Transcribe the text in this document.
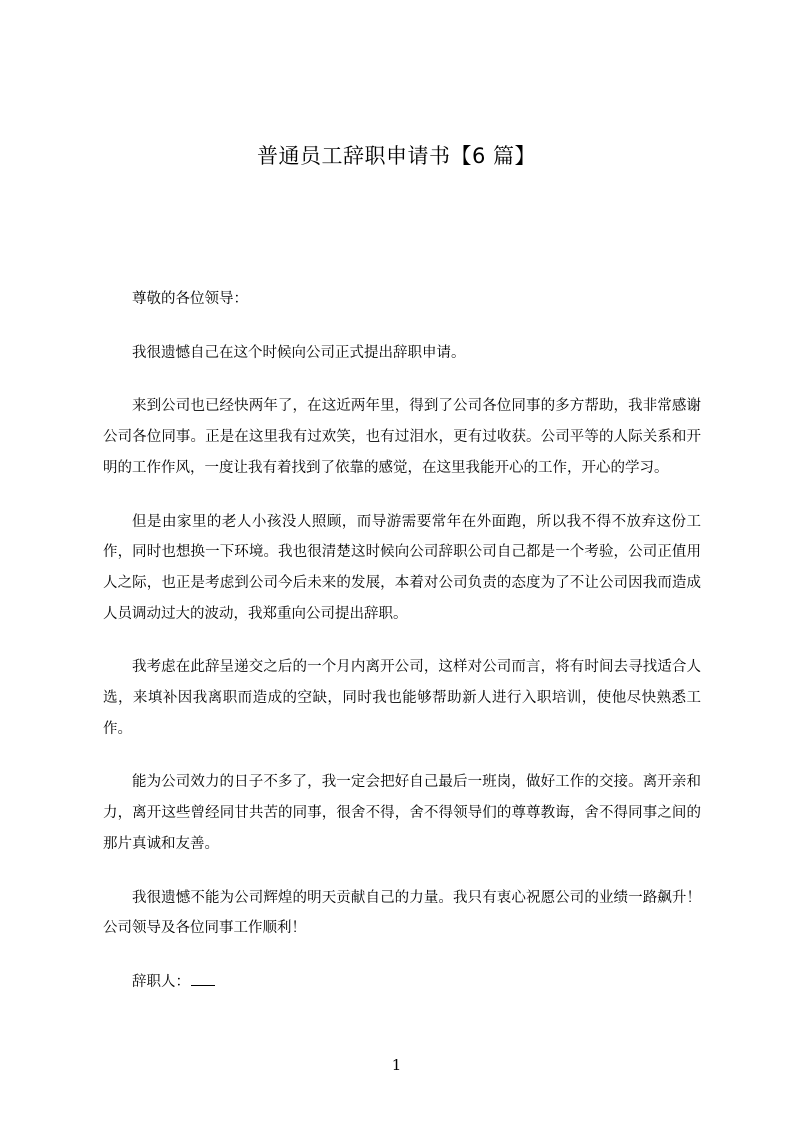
普通员工辞职申请书【6 篇】

尊敬的各位领导：

我很遗憾自己在这个时候向公司正式提出辞职申请。

来到公司也已经快两年了，在这近两年里，得到了公司各位同事的多方帮助，我非常感谢公司各位同事。正是在这里我有过欢笑，也有过泪水，更有过收获。公司平等的人际关系和开明的工作作风，一度让我有着找到了依靠的感觉，在这里我能开心的工作，开心的学习。

但是由家里的老人小孩没人照顾，而导游需要常年在外面跑，所以我不得不放弃这份工作，同时也想换一下环境。我也很清楚这时候向公司辞职公司自己都是一个考验，公司正值用人之际，也正是考虑到公司今后未来的发展，本着对公司负责的态度为了不让公司因我而造成人员调动过大的波动，我郑重向公司提出辞职。

我考虑在此辞呈递交之后的一个月内离开公司，这样对公司而言，将有时间去寻找适合人选，来填补因我离职而造成的空缺，同时我也能够帮助新人进行入职培训，使他尽快熟悉工作。

能为公司效力的日子不多了，我一定会把好自己最后一班岗，做好工作的交接。离开亲和力，离开这些曾经同甘共苦的同事，很舍不得，舍不得领导们的尊尊教诲，舍不得同事之间的那片真诚和友善。

我很遗憾不能为公司辉煌的明天贡献自己的力量。我只有衷心祝愿公司的业绩一路飙升！公司领导及各位同事工作顺利！

辞职人：

1
